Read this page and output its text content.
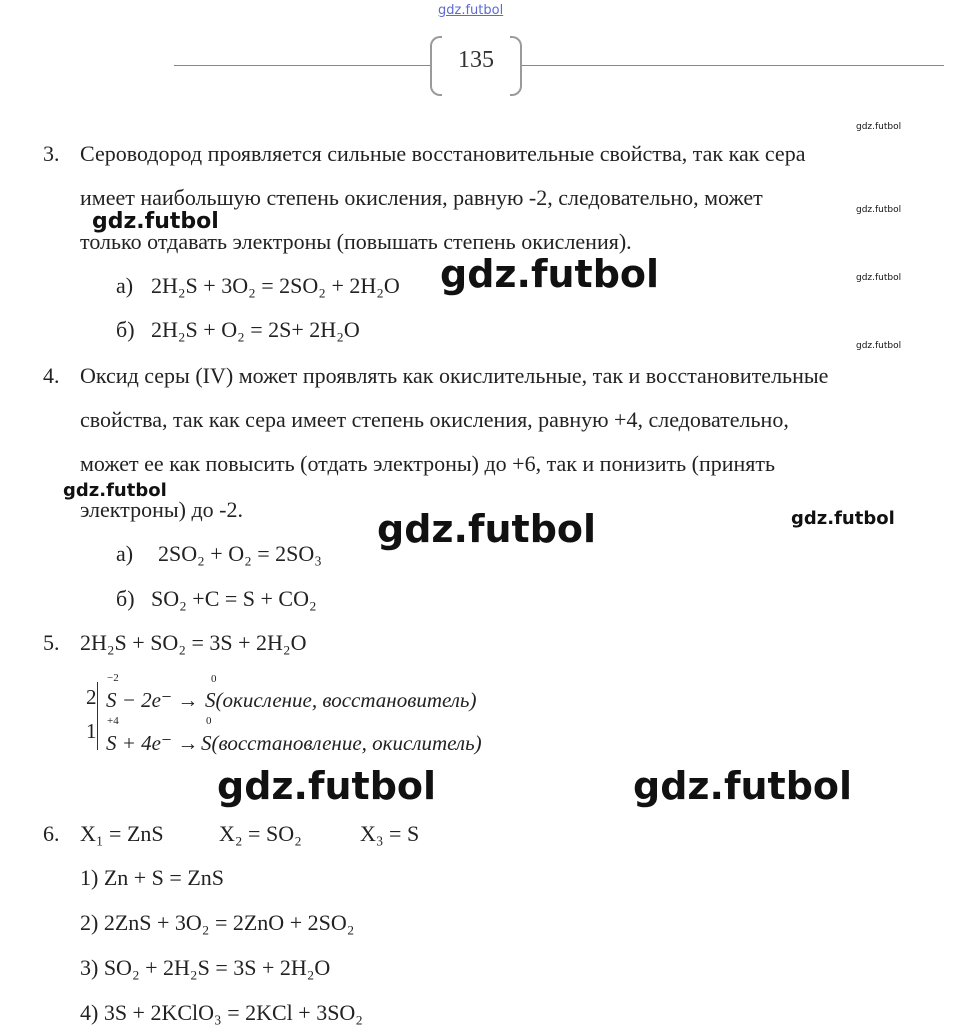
gdz.futbol
135
3. Сероводород проявляется сильные восстановительные свойства, так как сера
имеет наибольшую степень окисления, равную -2, следовательно, может
только отдавать электроны (повышать степень окисления).
а) 2H₂S + 3O₂ = 2SO₂ + 2H₂O
б) 2H₂S + O₂ = 2S+ 2H₂O
4. Оксид серы (IV) может проявлять как окислительные, так и восстановительные
свойства, так как сера имеет степень окисления, равную +4, следовательно,
может ее как повысить (отдать электроны) до +6, так и понизить (принять
электроны) до -2.
а) 2SO₂ + O₂ = 2SO₃
б) SO₂ +C = S + CO₂
5. 2H₂S + SO₂ = 3S + 2H₂O
2
1
−2
S − 2e⁻ →
0
S(окисление, восстановитель)
+4
S + 4e⁻ →
0
S(восстановление, окислитель)
6. X₁ = ZnS	X₂ = SO₂	X₃ = S
1) Zn + S = ZnS
2) 2ZnS + 3O₂ = 2ZnO + 2SO₂
3) SO₂ + 2H₂S = 3S + 2H₂O
4) 3S + 2KClO₃ = 2KCl + 3SO₂
gdz.futbol
gdz.futbol
gdz.futbol
gdz.futbol
gdz.futbol
gdz.futbol
gdz.futbol
gdz.futbol
gdz.futbol
gdz.futbol	gdz.futbol
